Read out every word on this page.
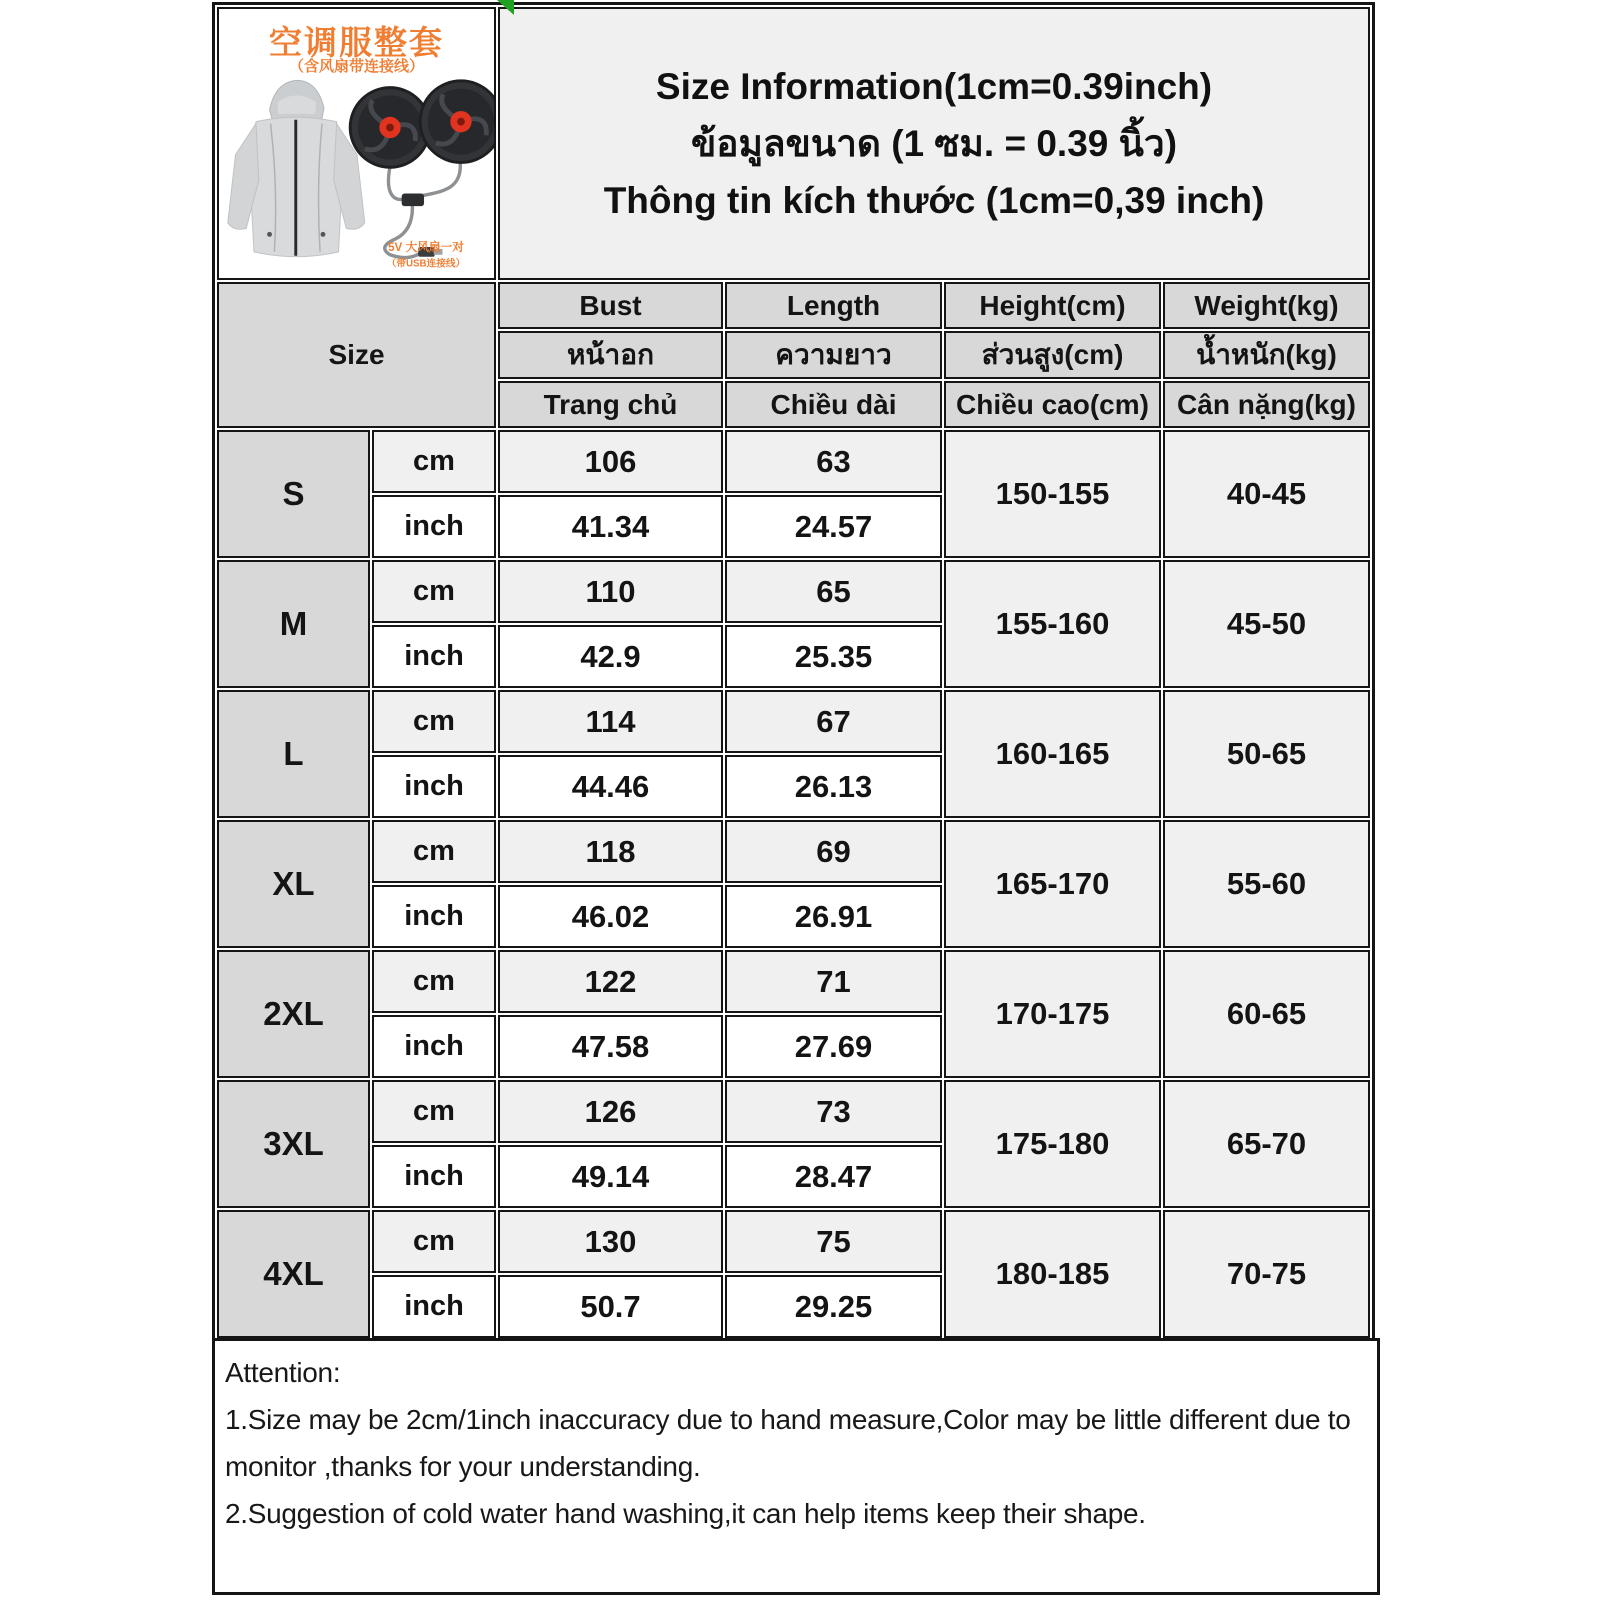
空调服整套
（含风扇带连接线）
5V 大风扇一对
（带USB连接线）

Size Information(1cm=0.39inch)
ข้อมูลขนาด (1 ซม. = 0.39 นิ้ว)
Thông tin kích thước (1cm=0,39 inch)

Size		Bust	Length	Height(cm)	Weight(kg)
		หน้าอก	ความยาว	ส่วนสูง(cm)	น้ำหนัก(kg)
		Trang chủ	Chiều dài	Chiều cao(cm)	Cân nặng(kg)
S	cm	106	63	150-155	40-45
	inch	41.34	24.57		
M	cm	110	65	155-160	45-50
	inch	42.9	25.35		
L	cm	114	67	160-165	50-65
	inch	44.46	26.13		
XL	cm	118	69	165-170	55-60
	inch	46.02	26.91		
2XL	cm	122	71	170-175	60-65
	inch	47.58	27.69		
3XL	cm	126	73	175-180	65-70
	inch	49.14	28.47		
4XL	cm	130	75	180-185	70-75
	inch	50.7	29.25		
Attention:
1.Size may be 2cm/1inch inaccuracy due to hand measure,Color may be little different due to monitor ,thanks for your understanding.
2.Suggestion of cold water hand washing,it can help items keep their shape.
